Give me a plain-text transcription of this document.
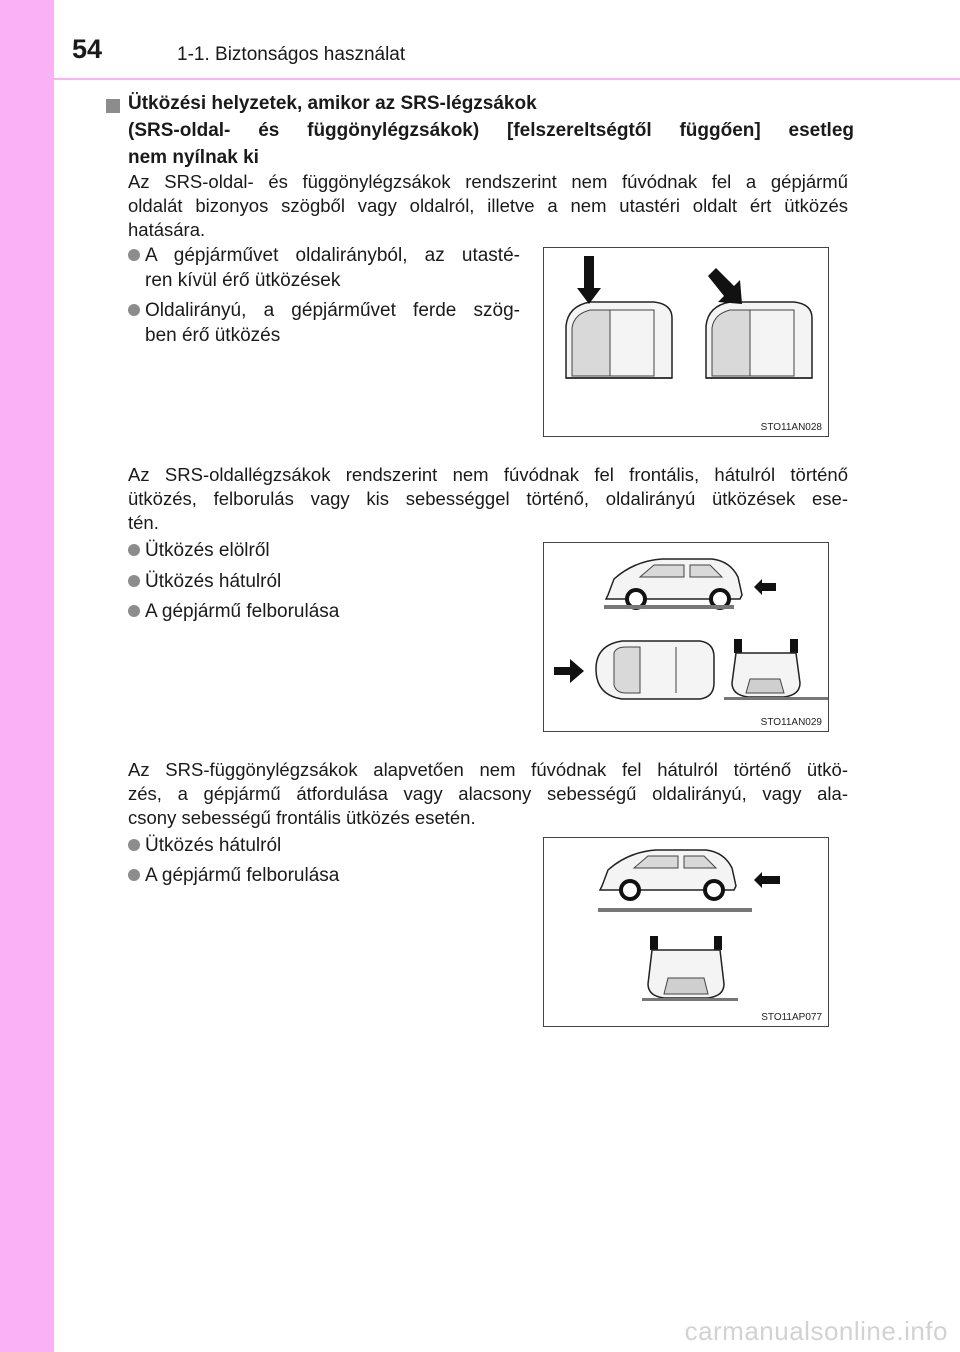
54	1-1. Biztonságos használat
Ütközési helyzetek, amikor az SRS-légzsákok
(SRS-oldal- és függönylégzsákok) [felszereltségtől függően] esetleg
nem nyílnak ki

Az SRS-oldal- és függönylégzsákok rendszerint nem fúvódnak fel a gépjármű
oldalát bizonyos szögből vagy oldalról, illetve a nem utastéri oldalt ért ütközés
hatására.

A gépjárművet oldalirányból, az utasté-
ren kívül érő ütközések
Oldalirányú, a gépjárművet ferde szög-
ben érő ütközés
STO11AN028

Az SRS-oldallégzsákok rendszerint nem fúvódnak fel frontális, hátulról történő
ütközés, felborulás vagy kis sebességgel történő, oldalirányú ütközések ese-
tén.

Ütközés elölről
Ütközés hátulról
A gépjármű felborulása
STO11AN029

Az SRS-függönylégzsákok alapvetően nem fúvódnak fel hátulról történő ütkö-
zés, a gépjármű átfordulása vagy alacsony sebességű oldalirányú, vagy ala-
csony sebességű frontális ütközés esetén.

Ütközés hátulról
A gépjármű felborulása
STO11AP077
carmanualsonline.info
